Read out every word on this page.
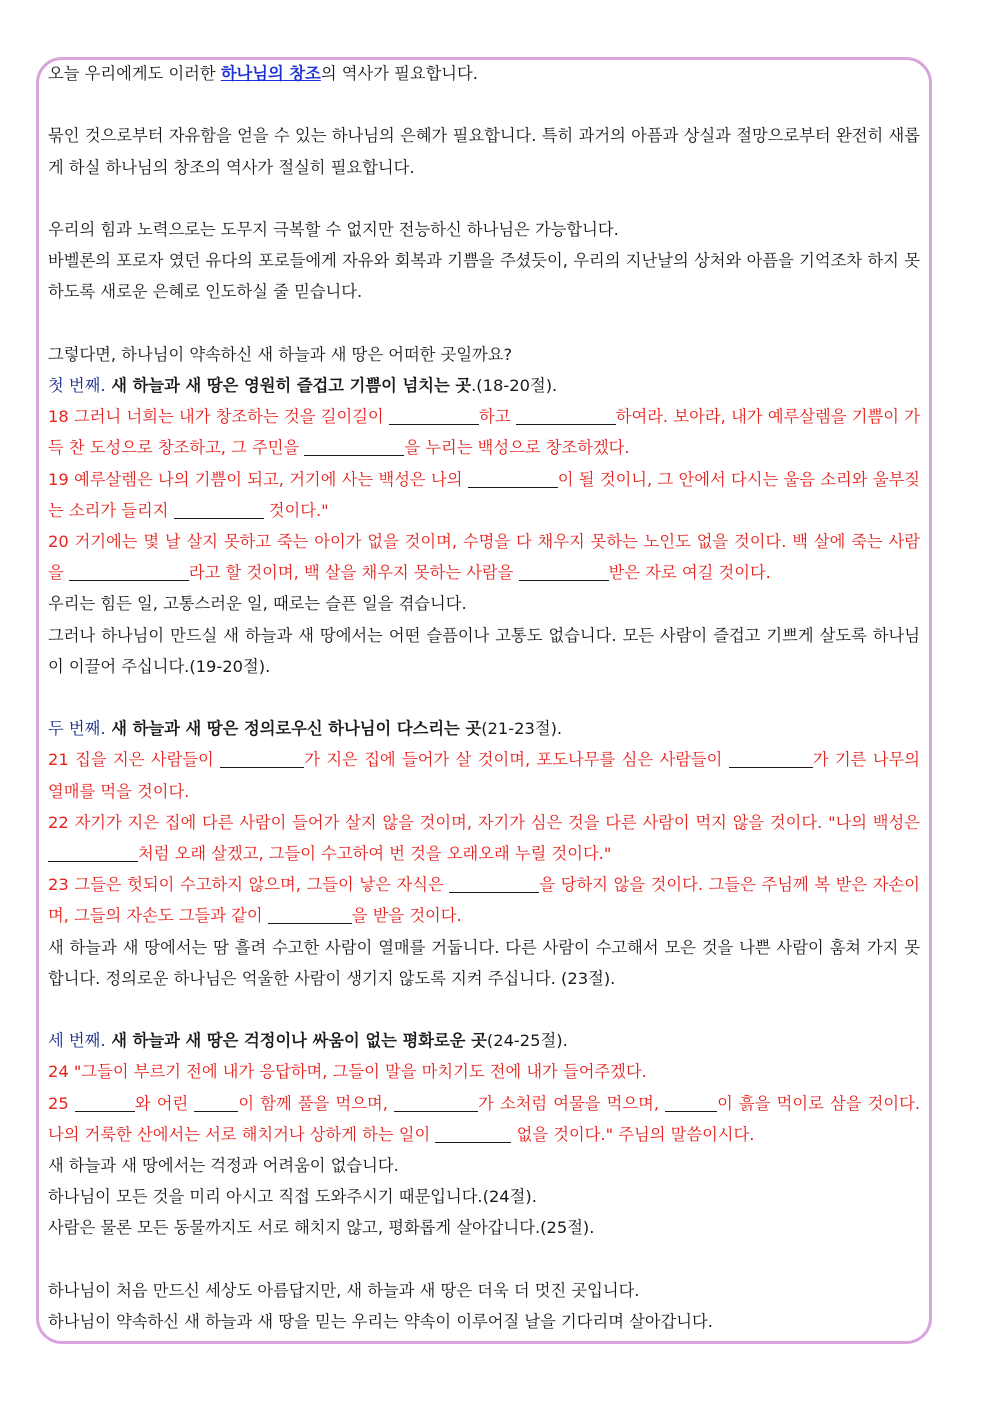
오늘 우리에게도 이러한 하나님의 창조의 역사가 필요합니다.

묶인 것으로부터 자유함을 얻을 수 있는 하나님의 은혜가 필요합니다. 특히 과거의 아픔과 상실과 절망으로부터 완전히 새롭게 하실 하나님의 창조의 역사가 절실히 필요합니다.

우리의 힘과 노력으로는 도무지 극복할 수 없지만 전능하신 하나님은 가능합니다.

바벨론의 포로자 였던 유다의 포로들에게 자유와 회복과 기쁨을 주셨듯이, 우리의 지난날의 상처와 아픔을 기억조차 하지 못하도록 새로운 은혜로 인도하실 줄 믿습니다.

그렇다면, 하나님이 약속하신 새 하늘과 새 땅은 어떠한 곳일까요?

첫 번째. 새 하늘과 새 땅은 영원히 즐겁고 기쁨이 넘치는 곳.(18-20절).

18 그러니 너희는 내가 창조하는 것을 길이길이	하고	하여라. 보아라, 내가 예루살렘을 기쁨이 가득 찬 도성으로 창조하고, 그 주민을	을 누리는 백성으로 창조하겠다.

19 예루살렘은 나의 기쁨이 되고, 거기에 사는 백성은 나의	이 될 것이니, 그 안에서 다시는 울음 소리와 울부짖는 소리가 들리지	것이다."

20 거기에는 몇 날 살지 못하고 죽는 아이가 없을 것이며, 수명을 다 채우지 못하는 노인도 없을 것이다. 백 살에 죽는 사람을	라고 할 것이며, 백 살을 채우지 못하는 사람을	받은 자로 여길 것이다.

우리는 힘든 일, 고통스러운 일, 때로는 슬픈 일을 겪습니다.

그러나 하나님이 만드실 새 하늘과 새 땅에서는 어떤 슬픔이나 고통도 없습니다. 모든 사람이 즐겁고 기쁘게 살도록 하나님이 이끌어 주십니다.(19-20절).

두 번째. 새 하늘과 새 땅은 정의로우신 하나님이 다스리는 곳(21-23절).

21 집을 지은 사람들이	가 지은 집에 들어가 살 것이며, 포도나무를 심은 사람들이	가 기른 나무의 열매를 먹을 것이다.

22 자기가 지은 집에 다른 사람이 들어가 살지 않을 것이며, 자기가 심은 것을 다른 사람이 먹지 않을 것이다. "나의 백성은 처럼 오래 살겠고, 그들이 수고하여 번 것을 오래오래 누릴 것이다."

23 그들은 헛되이 수고하지 않으며, 그들이 낳은 자식은	을 당하지 않을 것이다. 그들은 주님께 복 받은 자손이며, 그들의 자손도 그들과 같이	을 받을 것이다.

새 하늘과 새 땅에서는 땀 흘려 수고한 사람이 열매를 거둡니다. 다른 사람이 수고해서 모은 것을 나쁜 사람이 훔쳐 가지 못합니다. 정의로운 하나님은 억울한 사람이 생기지 않도록 지켜 주십니다. (23절).

세 번째. 새 하늘과 새 땅은 걱정이나 싸움이 없는 평화로운 곳(24-25절).

24 "그들이 부르기 전에 내가 응답하며, 그들이 말을 마치기도 전에 내가 들어주겠다.

25	와 어린	이 함께 풀을 먹으며,	가 소처럼 여물을 먹으며,	이 흙을 먹이로 삼을 것이다. 나의 거룩한 산에서는 서로 해치거나 상하게 하는 일이	없을 것이다." 주님의 말씀이시다.

새 하늘과 새 땅에서는 걱정과 어려움이 없습니다.

하나님이 모든 것을 미리 아시고 직접 도와주시기 때문입니다.(24절).

사람은 물론 모든 동물까지도 서로 해치지 않고, 평화롭게 살아갑니다.(25절).

하나님이 처음 만드신 세상도 아름답지만, 새 하늘과 새 땅은 더욱 더 멋진 곳입니다.

하나님이 약속하신 새 하늘과 새 땅을 믿는 우리는 약속이 이루어질 날을 기다리며 살아갑니다.
